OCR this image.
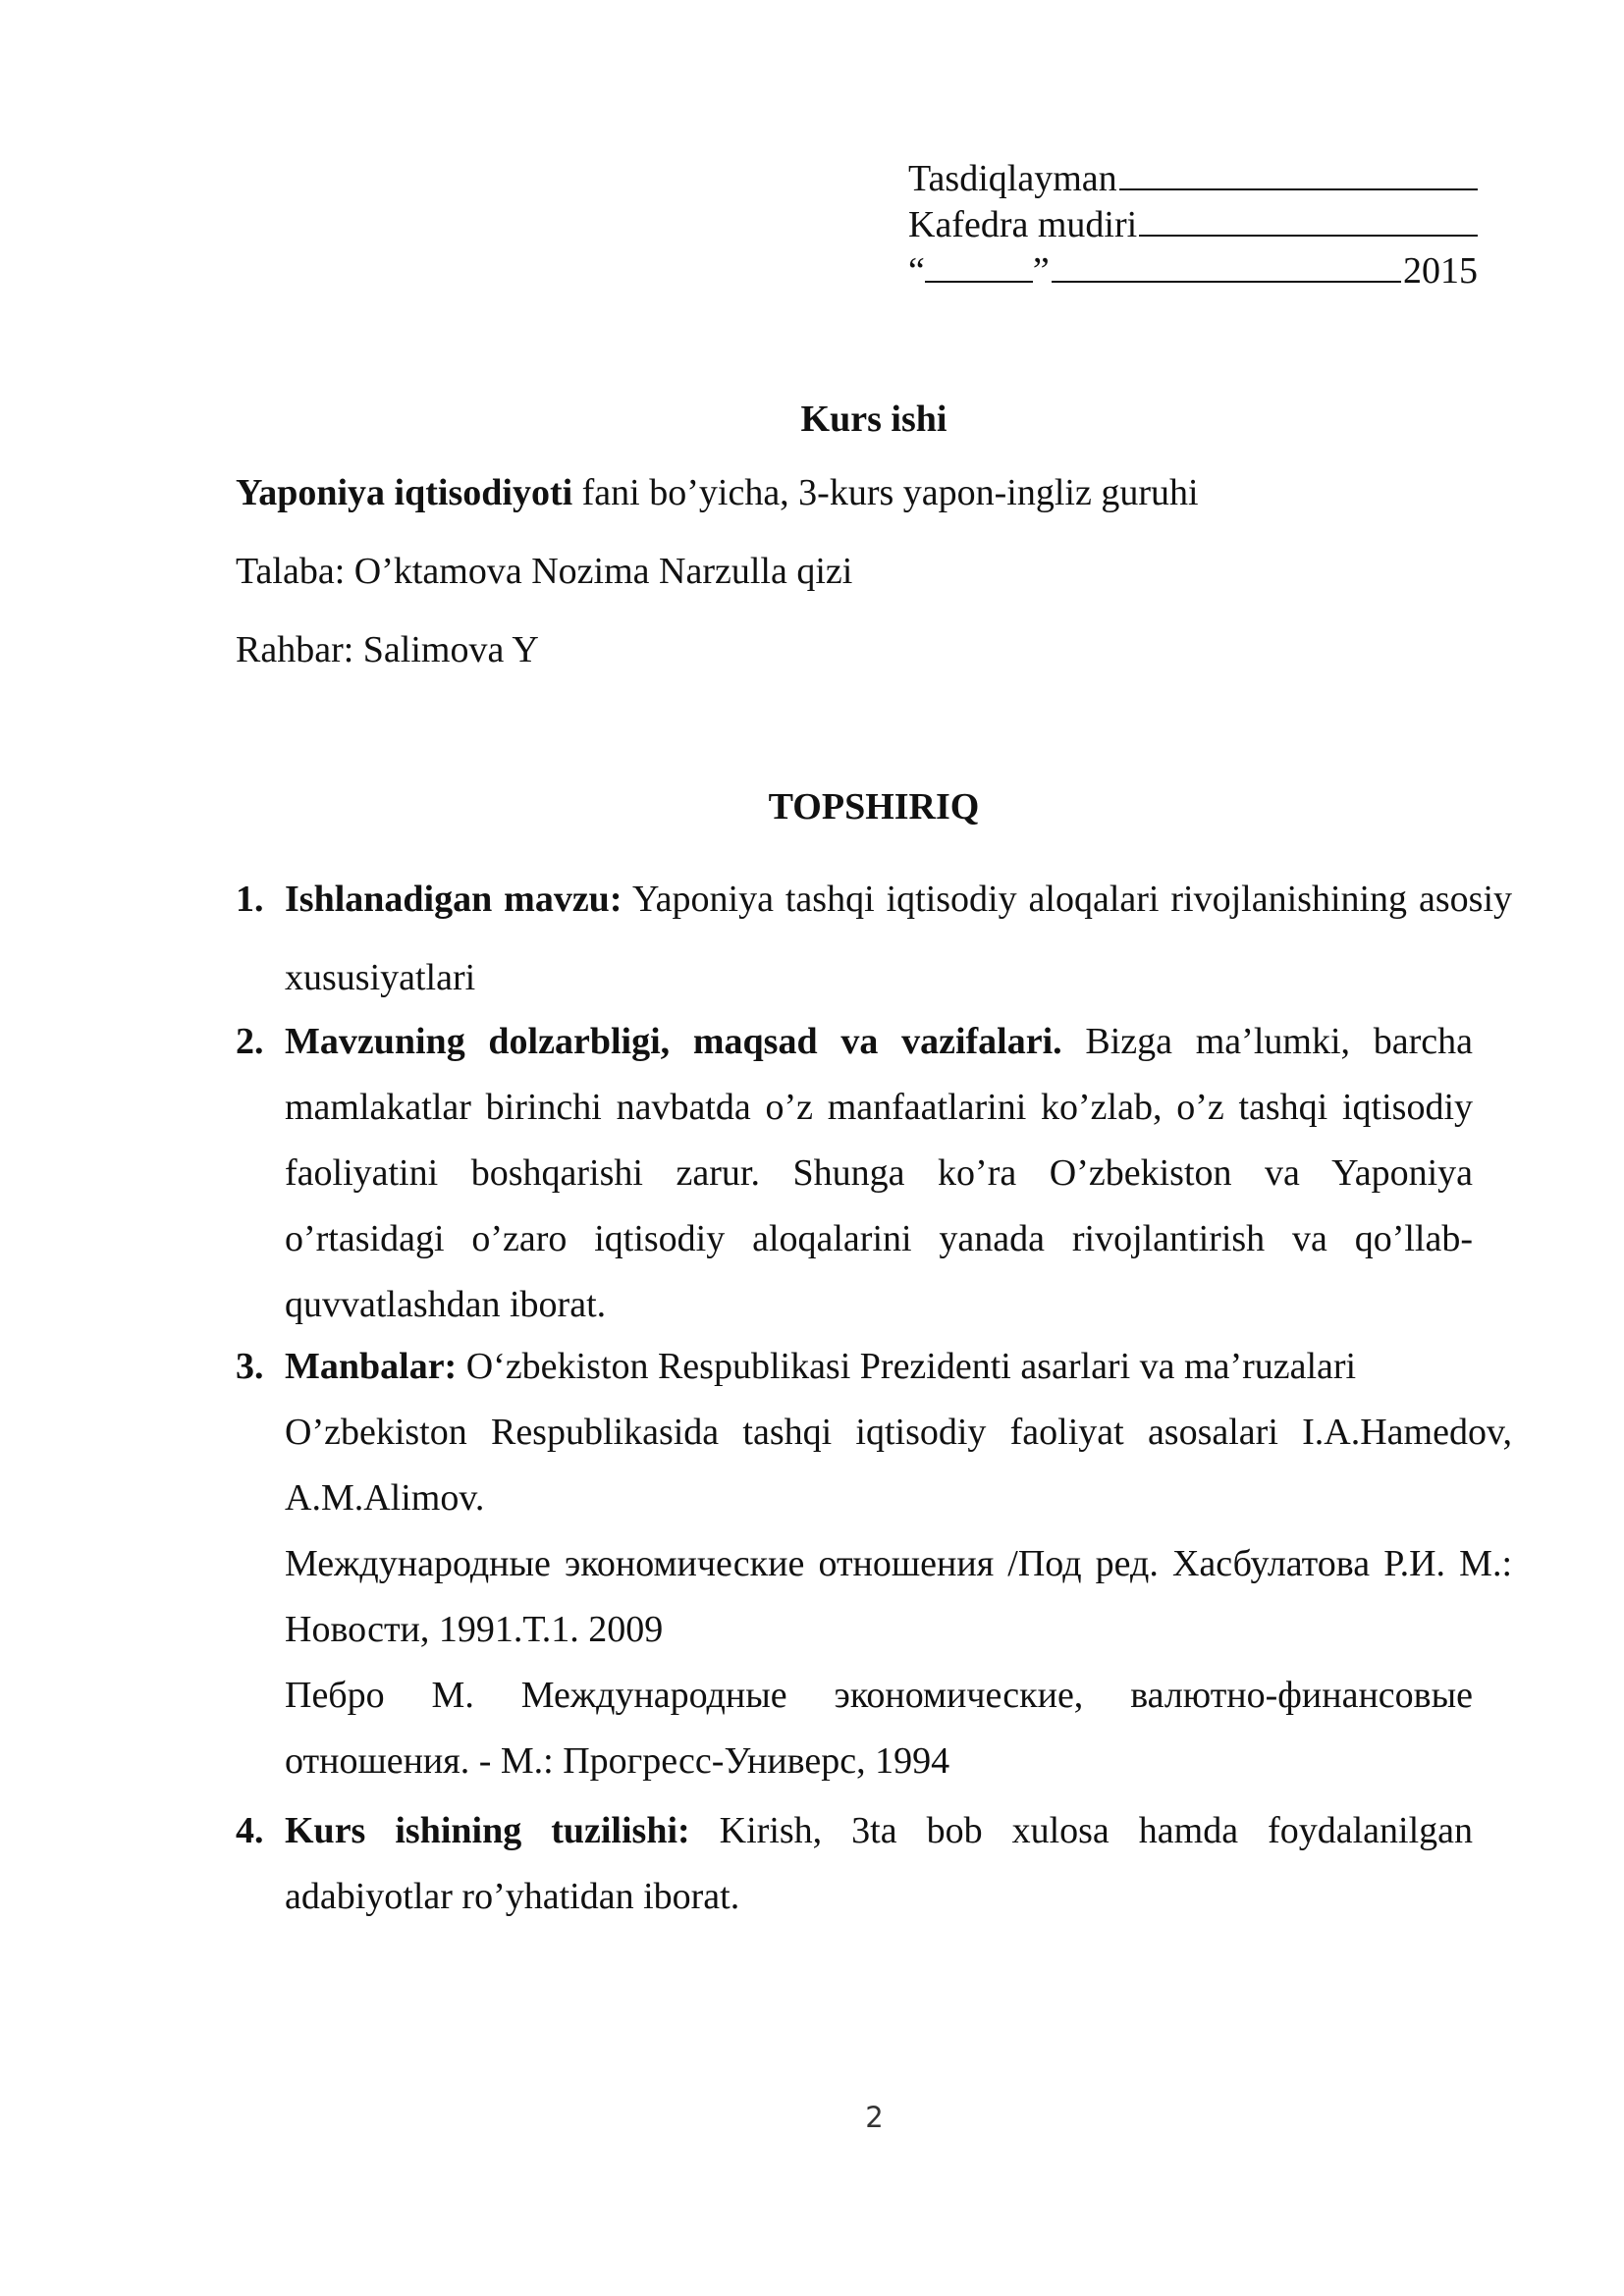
Tasdiqlayman
Kafedra mudiri
“	”	2015
Kurs ishi
Yaponiya iqtisodiyoti fani bo’yicha, 3-kurs yapon-ingliz guruhi
Talaba: O’ktamova Nozima Narzulla qizi
Rahbar: Salimova Y
TOPSHIRIQ
1. Ishlanadigan mavzu: Yaponiya tashqi iqtisodiy aloqalari rivojlanishining asosiy xususiyatlari
2. Mavzuning dolzarbligi, maqsad va vazifalari. Bizga ma’lumki, barcha mamlakatlar birinchi navbatda o’z manfaatlarini ko’zlab, o’z tashqi iqtisodiy faoliyatini boshqarishi zarur. Shunga ko’ra O’zbekiston va Yaponiya o’rtasidagi o’zaro iqtisodiy aloqalarini yanada rivojlantirish va qo’llab-quvvatlashdan iborat.
3. Manbalar: O‘zbekiston Respublikasi Prezidenti asarlari va ma’ruzalari
O’zbekiston Respublikasida tashqi iqtisodiy faoliyat asosalari I.A.Hamedov, A.M.Alimov.
Международные экономические отношения /Под ред. Хасбулатова Р.И. М.: Новости, 1991.Т.1. 2009
Пебро М. Международные экономические, валютно-финансовые отношения. - М.: Прогресс-Универс, 1994
4. Kurs ishining tuzilishi: Kirish, 3ta bob xulosa hamda foydalanilgan adabiyotlar ro’yhatidan iborat.
2
